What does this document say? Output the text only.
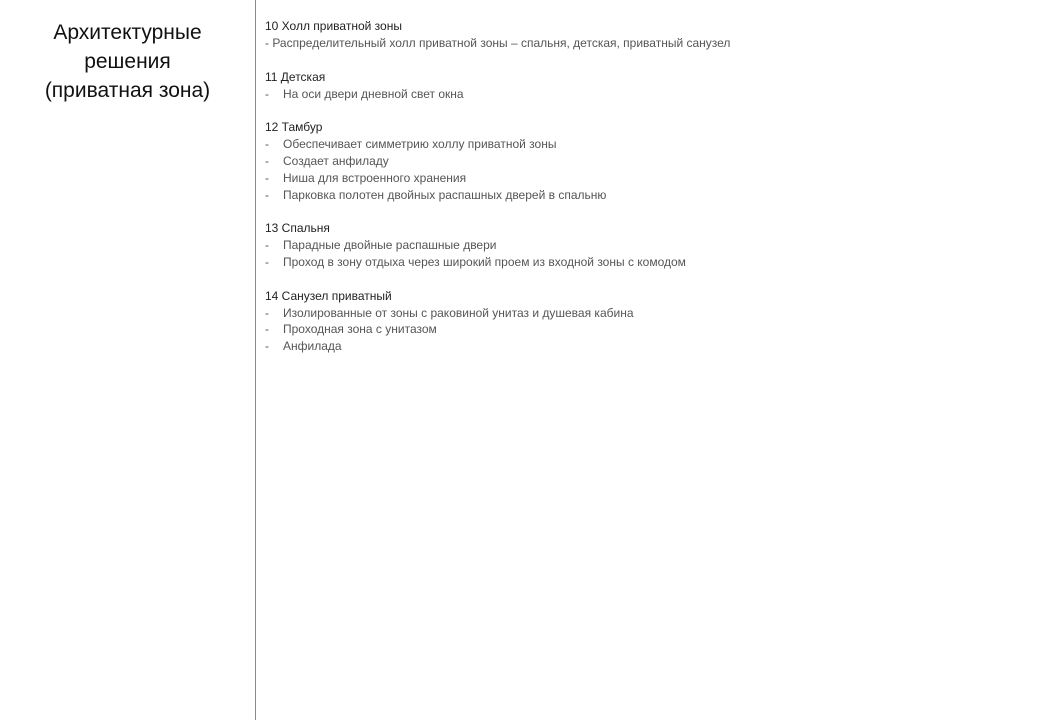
Архитектурные
решения
(приватная зона)
10 Холл приватной зоны
- Распределительный холл приватной зоны – спальня, детская, приватный санузел
11 Детская
-	На оси двери дневной свет окна
12 Тамбур
-	Обеспечивает симметрию холлу приватной зоны
-	Создает анфиладу
-	Ниша для встроенного хранения
-	Парковка полотен двойных распашных дверей в спальню
13 Спальня
-	Парадные двойные распашные двери
-	Проход в зону отдыха через широкий проем из входной зоны с комодом
14 Санузел приватный
-	Изолированные от зоны с раковиной унитаз и душевая кабина
-	Проходная зона с унитазом
-	Анфилада
